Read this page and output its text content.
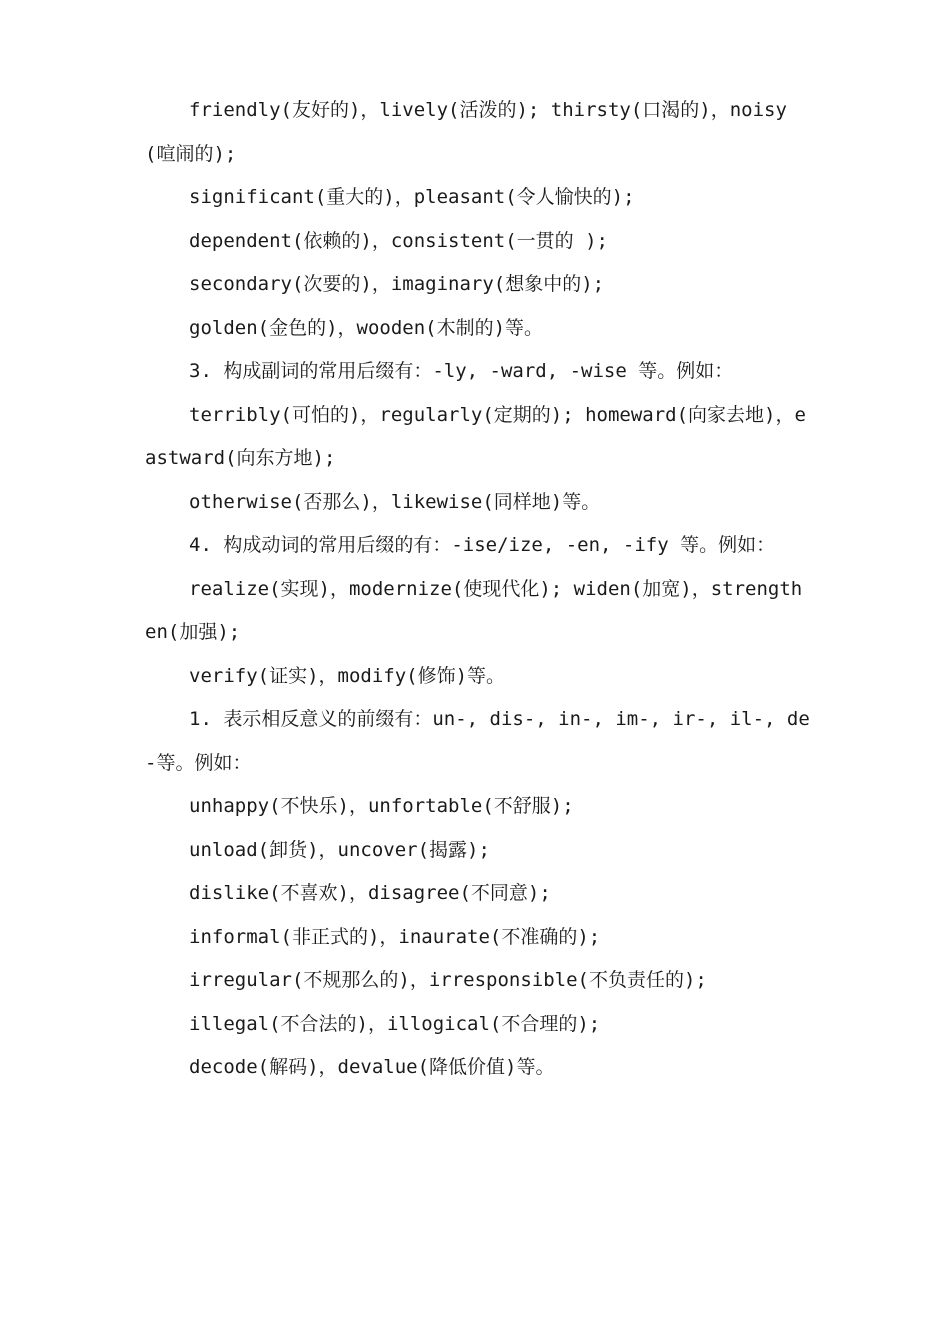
friendly(友好的)，lively(活泼的); thirsty(口渴的)，noisy(喧闹的);

significant(重大的)，pleasant(令人愉快的);

dependent(依赖的)，consistent(一贯的 );

secondary(次要的)，imaginary(想象中的);

golden(金色的)，wooden(木制的)等。

3. 构成副词的常用后缀有：-ly, -ward, -wise 等。例如：

terribly(可怕的)，regularly(定期的); homeward(向家去地)，eastward(向东方地);

otherwise(否那么)，likewise(同样地)等。

4. 构成动词的常用后缀的有：-ise/ize, -en, -ify 等。例如：

realize(实现)，modernize(使现代化); widen(加宽)，strengthen(加强);

verify(证实)，modify(修饰)等。

1. 表示相反意义的前缀有：un-, dis-, in-, im-, ir-, il-, de-等。例如：

unhappy(不快乐)，unfortable(不舒服);

unload(卸货)，uncover(揭露);

dislike(不喜欢)，disagree(不同意);

informal(非正式的)，inaurate(不准确的);

irregular(不规那么的)，irresponsible(不负责任的);

illegal(不合法的)，illogical(不合理的);

decode(解码)，devalue(降低价值)等。
